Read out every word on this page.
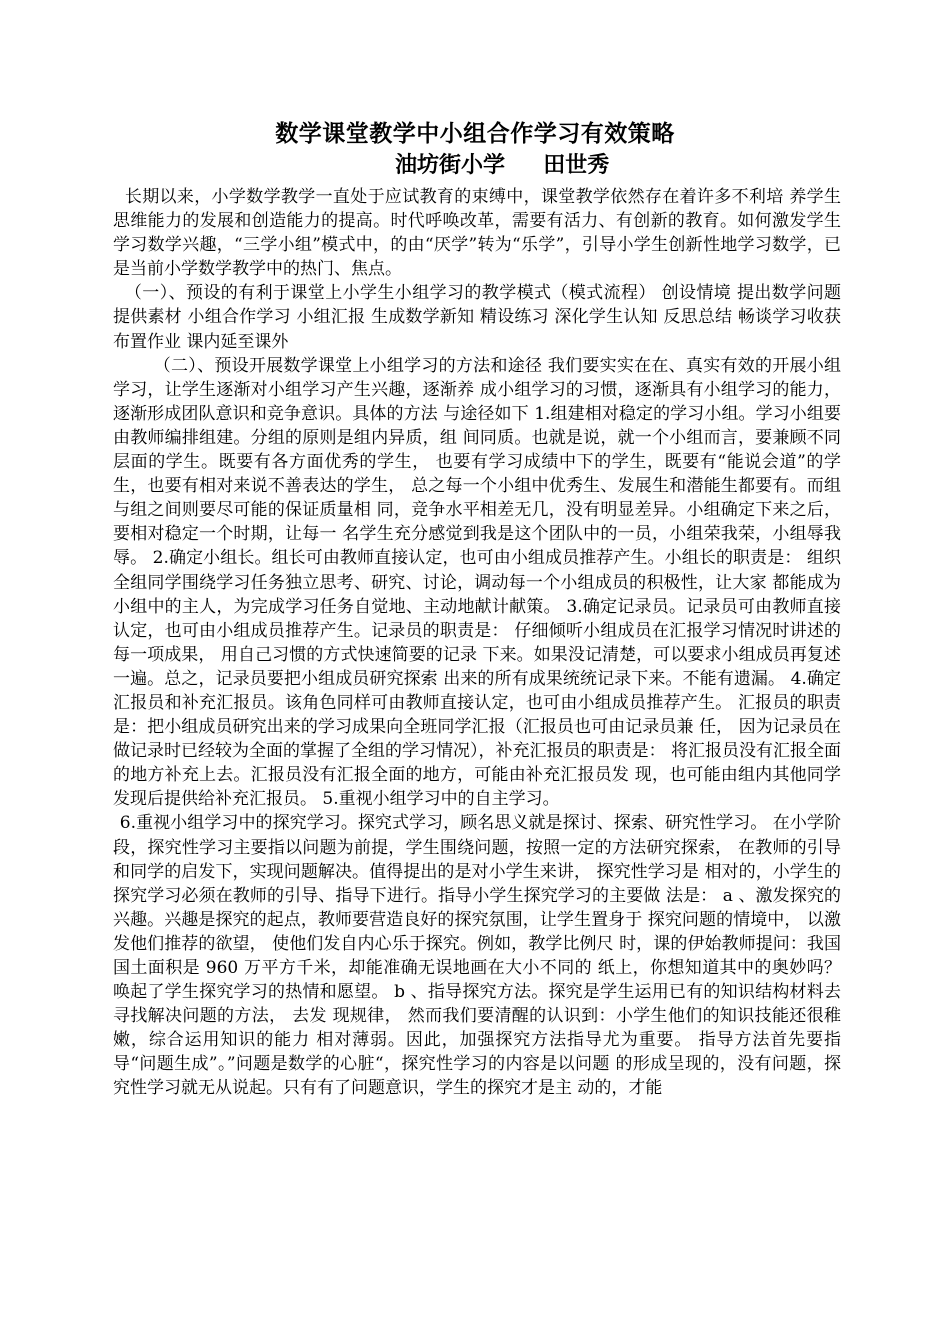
数学课堂教学中小组合作学习有效策略
油坊街小学     田世秀

长期以来，小学数学教学一直处于应试教育的束缚中，课堂教学依然存在着许多不利培 养学生思维能力的发展和创造能力的提高。时代呼唤改革，需要有活力、有创新的教育。如何激发学生学习数学兴趣，“三学小组”模式中，的由“厌学”转为“乐学”，引导小学生创新性地学习数学，已是当前小学数学教学中的热门、焦点。

（一）、预设的有利于课堂上小学生小组学习的教学模式（模式流程） 创设情境 提出数学问题 提供素材 小组合作学习 小组汇报 生成数学新知 精设练习 深化学生认知 反思总结 畅谈学习收获 布置作业 课内延至课外

（二）、预设开展数学课堂上小组学习的方法和途径 我们要实实在在、真实有效的开展小组学习，让学生逐渐对小组学习产生兴趣，逐渐养 成小组学习的习惯，逐渐具有小组学习的能力，逐渐形成团队意识和竞争意识。具体的方法 与途径如下 1.组建相对稳定的学习小组。学习小组要由教师编排组建。分组的原则是组内异质，组 间同质。也就是说，就一个小组而言，要兼顾不同层面的学生。既要有各方面优秀的学生， 也要有学习成绩中下的学生，既要有“能说会道”的学生，也要有相对来说不善表达的学生， 总之每一个小组中优秀生、发展生和潜能生都要有。而组与组之间则要尽可能的保证质量相 同，竞争水平相差无几，没有明显差异。小组确定下来之后，要相对稳定一个时期，让每一 名学生充分感觉到我是这个团队中的一员，小组荣我荣，小组辱我辱。 2.确定小组长。组长可由教师直接认定，也可由小组成员推荐产生。小组长的职责是： 组织全组同学围绕学习任务独立思考、研究、讨论，调动每一个小组成员的积极性，让大家 都能成为小组中的主人，为完成学习任务自觉地、主动地献计献策。 3.确定记录员。记录员可由教师直接认定，也可由小组成员推荐产生。记录员的职责是： 仔细倾听小组成员在汇报学习情况时讲述的每一项成果， 用自己习惯的方式快速简要的记录 下来。如果没记清楚，可以要求小组成员再复述一遍。总之，记录员要把小组成员研究探索 出来的所有成果统统记录下来。不能有遗漏。 4.确定汇报员和补充汇报员。该角色同样可由教师直接认定，也可由小组成员推荐产生。 汇报员的职责是：把小组成员研究出来的学习成果向全班同学汇报（汇报员也可由记录员兼 任， 因为记录员在做记录时已经较为全面的掌握了全组的学习情况），补充汇报员的职责是： 将汇报员没有汇报全面的地方补充上去。汇报员没有汇报全面的地方，可能由补充汇报员发 现，也可能由组内其他同学发现后提供给补充汇报员。 5.重视小组学习中的自主学习。

6.重视小组学习中的探究学习。探究式学习，顾名思义就是探讨、探索、研究性学习。 在小学阶段，探究性学习主要指以问题为前提，学生围绕问题，按照一定的方法研究探索， 在教师的引导和同学的启发下，实现问题解决。值得提出的是对小学生来讲， 探究性学习是 相对的，小学生的探究学习必须在教师的引导、指导下进行。指导小学生探究学习的主要做 法是： a 、激发探究的兴趣。兴趣是探究的起点，教师要营造良好的探究氛围，让学生置身于 探究问题的情境中， 以激发他们推荐的欲望， 使他们发自内心乐于探究。例如，教学比例尺 时，课的伊始教师提问：我国国土面积是 960 万平方千米，却能准确无误地画在大小不同的 纸上，你想知道其中的奥妙吗？唤起了学生探究学习的热情和愿望。 b 、指导探究方法。探究是学生运用已有的知识结构材料去寻找解决问题的方法， 去发 现规律， 然而我们要清醒的认识到：小学生他们的知识技能还很稚嫩，综合运用知识的能力 相对薄弱。因此，加强探究方法指导尤为重要。 指导方法首先要指导“问题生成”。”问题是数学的心脏“，探究性学习的内容是以问题 的形成呈现的，没有问题，探究性学习就无从说起。只有有了问题意识，学生的探究才是主 动的，才能
